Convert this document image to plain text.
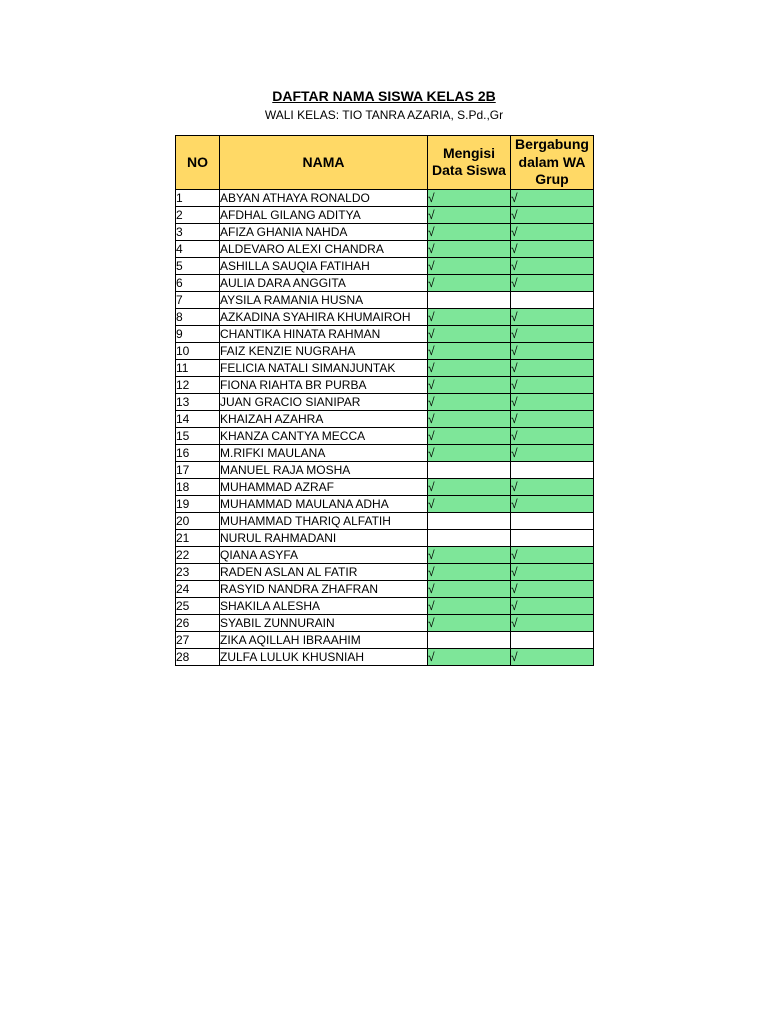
DAFTAR NAMA SISWA KELAS 2B
WALI KELAS: TIO TANRA AZARIA, S.Pd.,Gr
NO	NAMA	Mengisi Data Siswa	Bergabung dalam WA Grup
1	ABYAN ATHAYA RONALDO	√	√
2	AFDHAL GILANG ADITYA	√	√
3	AFIZA GHANIA NAHDA	√	√
4	ALDEVARO ALEXI CHANDRA	√	√
5	ASHILLA SAUQIA FATIHAH	√	√
6	AULIA DARA ANGGITA	√	√
7	AYSILA RAMANIA HUSNA		
8	AZKADINA SYAHIRA KHUMAIROH	√	√
9	CHANTIKA HINATA RAHMAN	√	√
10	FAIZ KENZIE NUGRAHA	√	√
11	FELICIA NATALI SIMANJUNTAK	√	√
12	FIONA RIAHTA BR PURBA	√	√
13	JUAN GRACIO SIANIPAR	√	√
14	KHAIZAH AZAHRA	√	√
15	KHANZA CANTYA MECCA	√	√
16	M.RIFKI MAULANA	√	√
17	MANUEL RAJA MOSHA		
18	MUHAMMAD AZRAF	√	√
19	MUHAMMAD MAULANA ADHA	√	√
20	MUHAMMAD THARIQ ALFATIH		
21	NURUL RAHMADANI		
22	QIANA ASYFA	√	√
23	RADEN ASLAN AL FATIR	√	√
24	RASYID NANDRA ZHAFRAN	√	√
25	SHAKILA ALESHA	√	√
26	SYABIL ZUNNURAIN	√	√
27	ZIKA AQILLAH IBRAAHIM		
28	ZULFA LULUK KHUSNIAH	√	√
